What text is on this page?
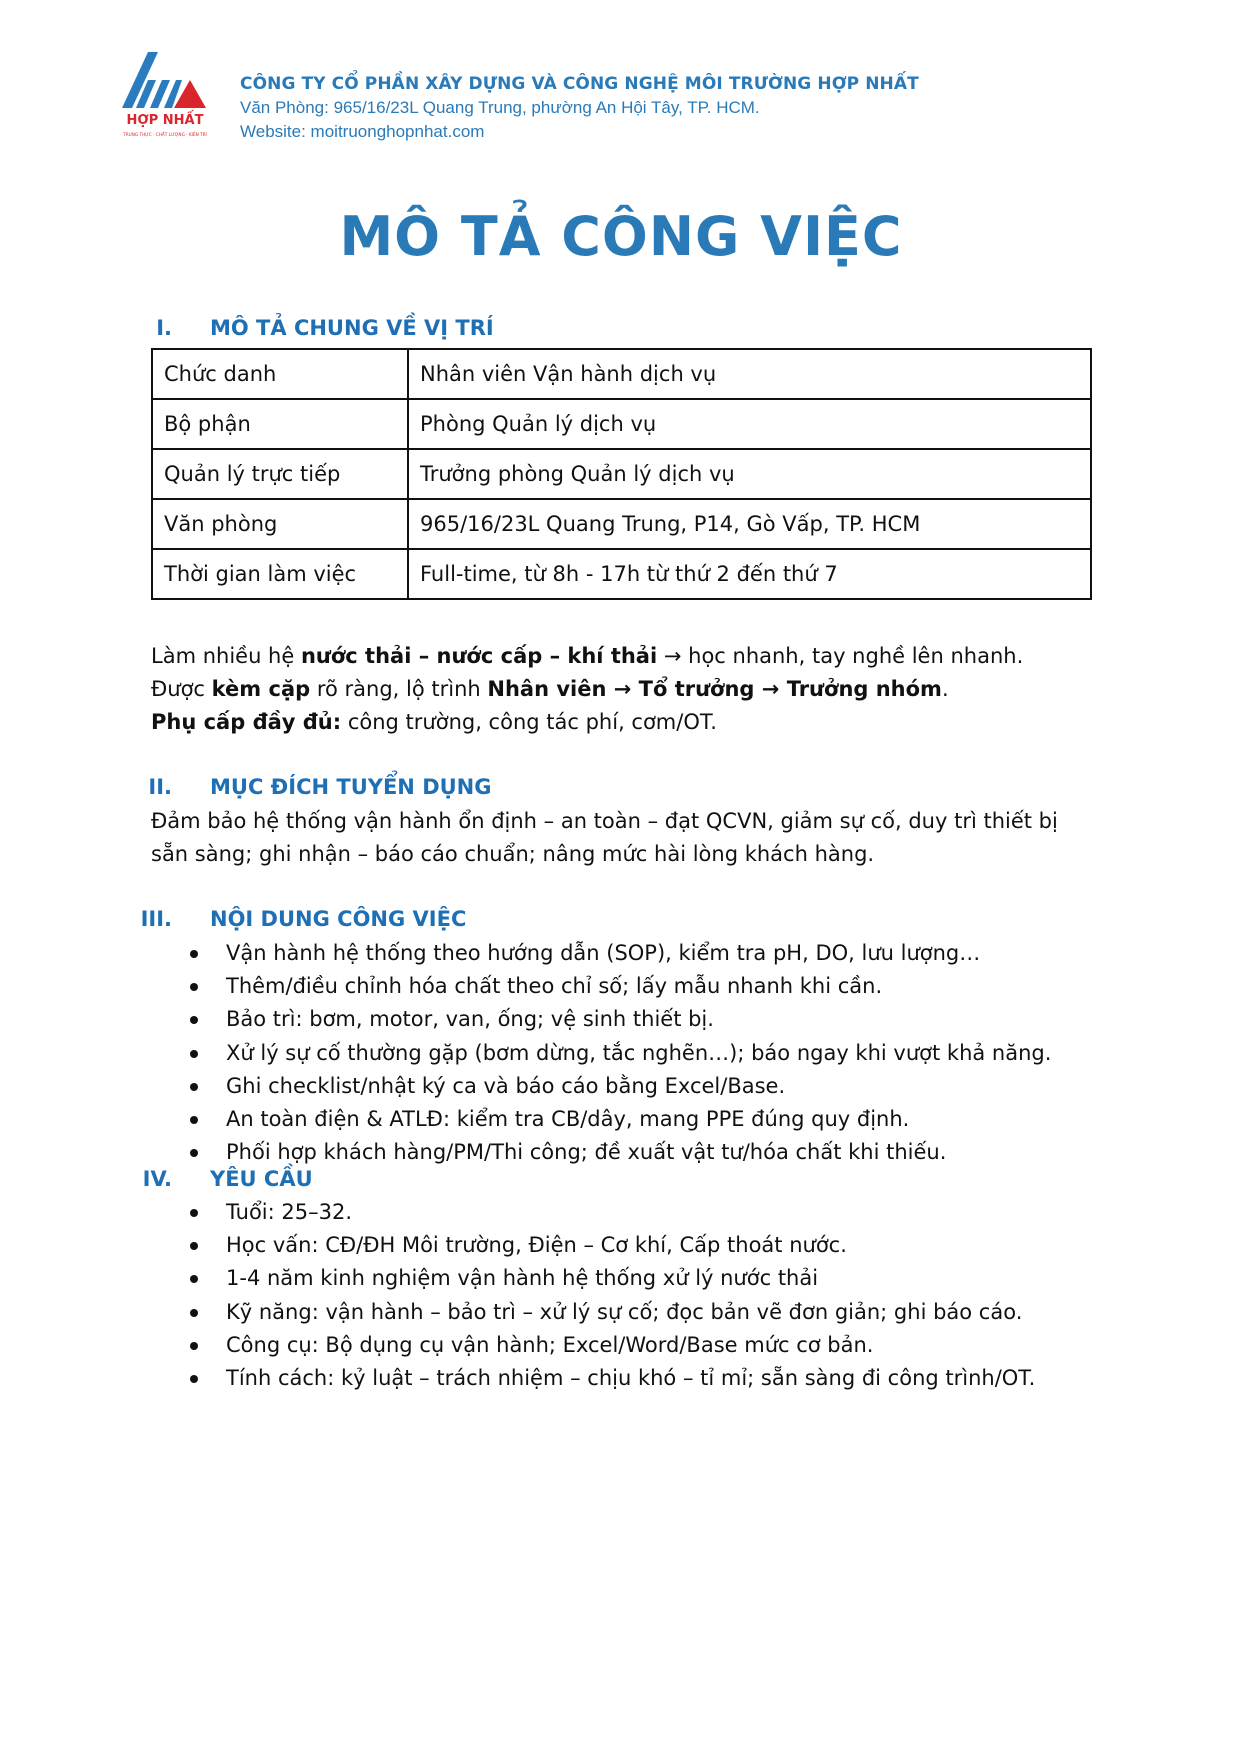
HỢP NHẤT
TRUNG THỰC - CHẤT LƯỢNG - KIÊN TRÌ
CÔNG TY CỔ PHẦN XÂY DỰNG VÀ CÔNG NGHỆ MÔI TRƯỜNG HỢP NHẤT
Văn Phòng: 965/16/23L Quang Trung, phường An Hội Tây, TP. HCM.
Website: moitruonghopnhat.com
MÔ TẢ CÔNG VIỆC
I. MÔ TẢ CHUNG VỀ VỊ TRÍ
Chức danh	Nhân viên Vận hành dịch vụ
Bộ phận	Phòng Quản lý dịch vụ
Quản lý trực tiếp	Trưởng phòng Quản lý dịch vụ
Văn phòng	965/16/23L Quang Trung, P14, Gò Vấp, TP. HCM
Thời gian làm việc	Full-time, từ 8h - 17h từ thứ 2 đến thứ 7
Làm nhiều hệ nước thải – nước cấp – khí thải → học nhanh, tay nghề lên nhanh.
Được kèm cặp rõ ràng, lộ trình Nhân viên → Tổ trưởng → Trưởng nhóm.
Phụ cấp đầy đủ: công trường, công tác phí, cơm/OT.
II. MỤC ĐÍCH TUYỂN DỤNG
Đảm bảo hệ thống vận hành ổn định – an toàn – đạt QCVN, giảm sự cố, duy trì thiết bị sẵn sàng; ghi nhận – báo cáo chuẩn; nâng mức hài lòng khách hàng.
III. NỘI DUNG CÔNG VIỆC
Vận hành hệ thống theo hướng dẫn (SOP), kiểm tra pH, DO, lưu lượng…
Thêm/điều chỉnh hóa chất theo chỉ số; lấy mẫu nhanh khi cần.
Bảo trì: bơm, motor, van, ống; vệ sinh thiết bị.
Xử lý sự cố thường gặp (bơm dừng, tắc nghẽn…); báo ngay khi vượt khả năng.
Ghi checklist/nhật ký ca và báo cáo bằng Excel/Base.
An toàn điện & ATLĐ: kiểm tra CB/dây, mang PPE đúng quy định.
Phối hợp khách hàng/PM/Thi công; đề xuất vật tư/hóa chất khi thiếu.
IV. YÊU CẦU
Tuổi: 25–32.
Học vấn: CĐ/ĐH Môi trường, Điện – Cơ khí, Cấp thoát nước.
1-4 năm kinh nghiệm vận hành hệ thống xử lý nước thải
Kỹ năng: vận hành – bảo trì – xử lý sự cố; đọc bản vẽ đơn giản; ghi báo cáo.
Công cụ: Bộ dụng cụ vận hành; Excel/Word/Base mức cơ bản.
Tính cách: kỷ luật – trách nhiệm – chịu khó – tỉ mỉ; sẵn sàng đi công trình/OT.
